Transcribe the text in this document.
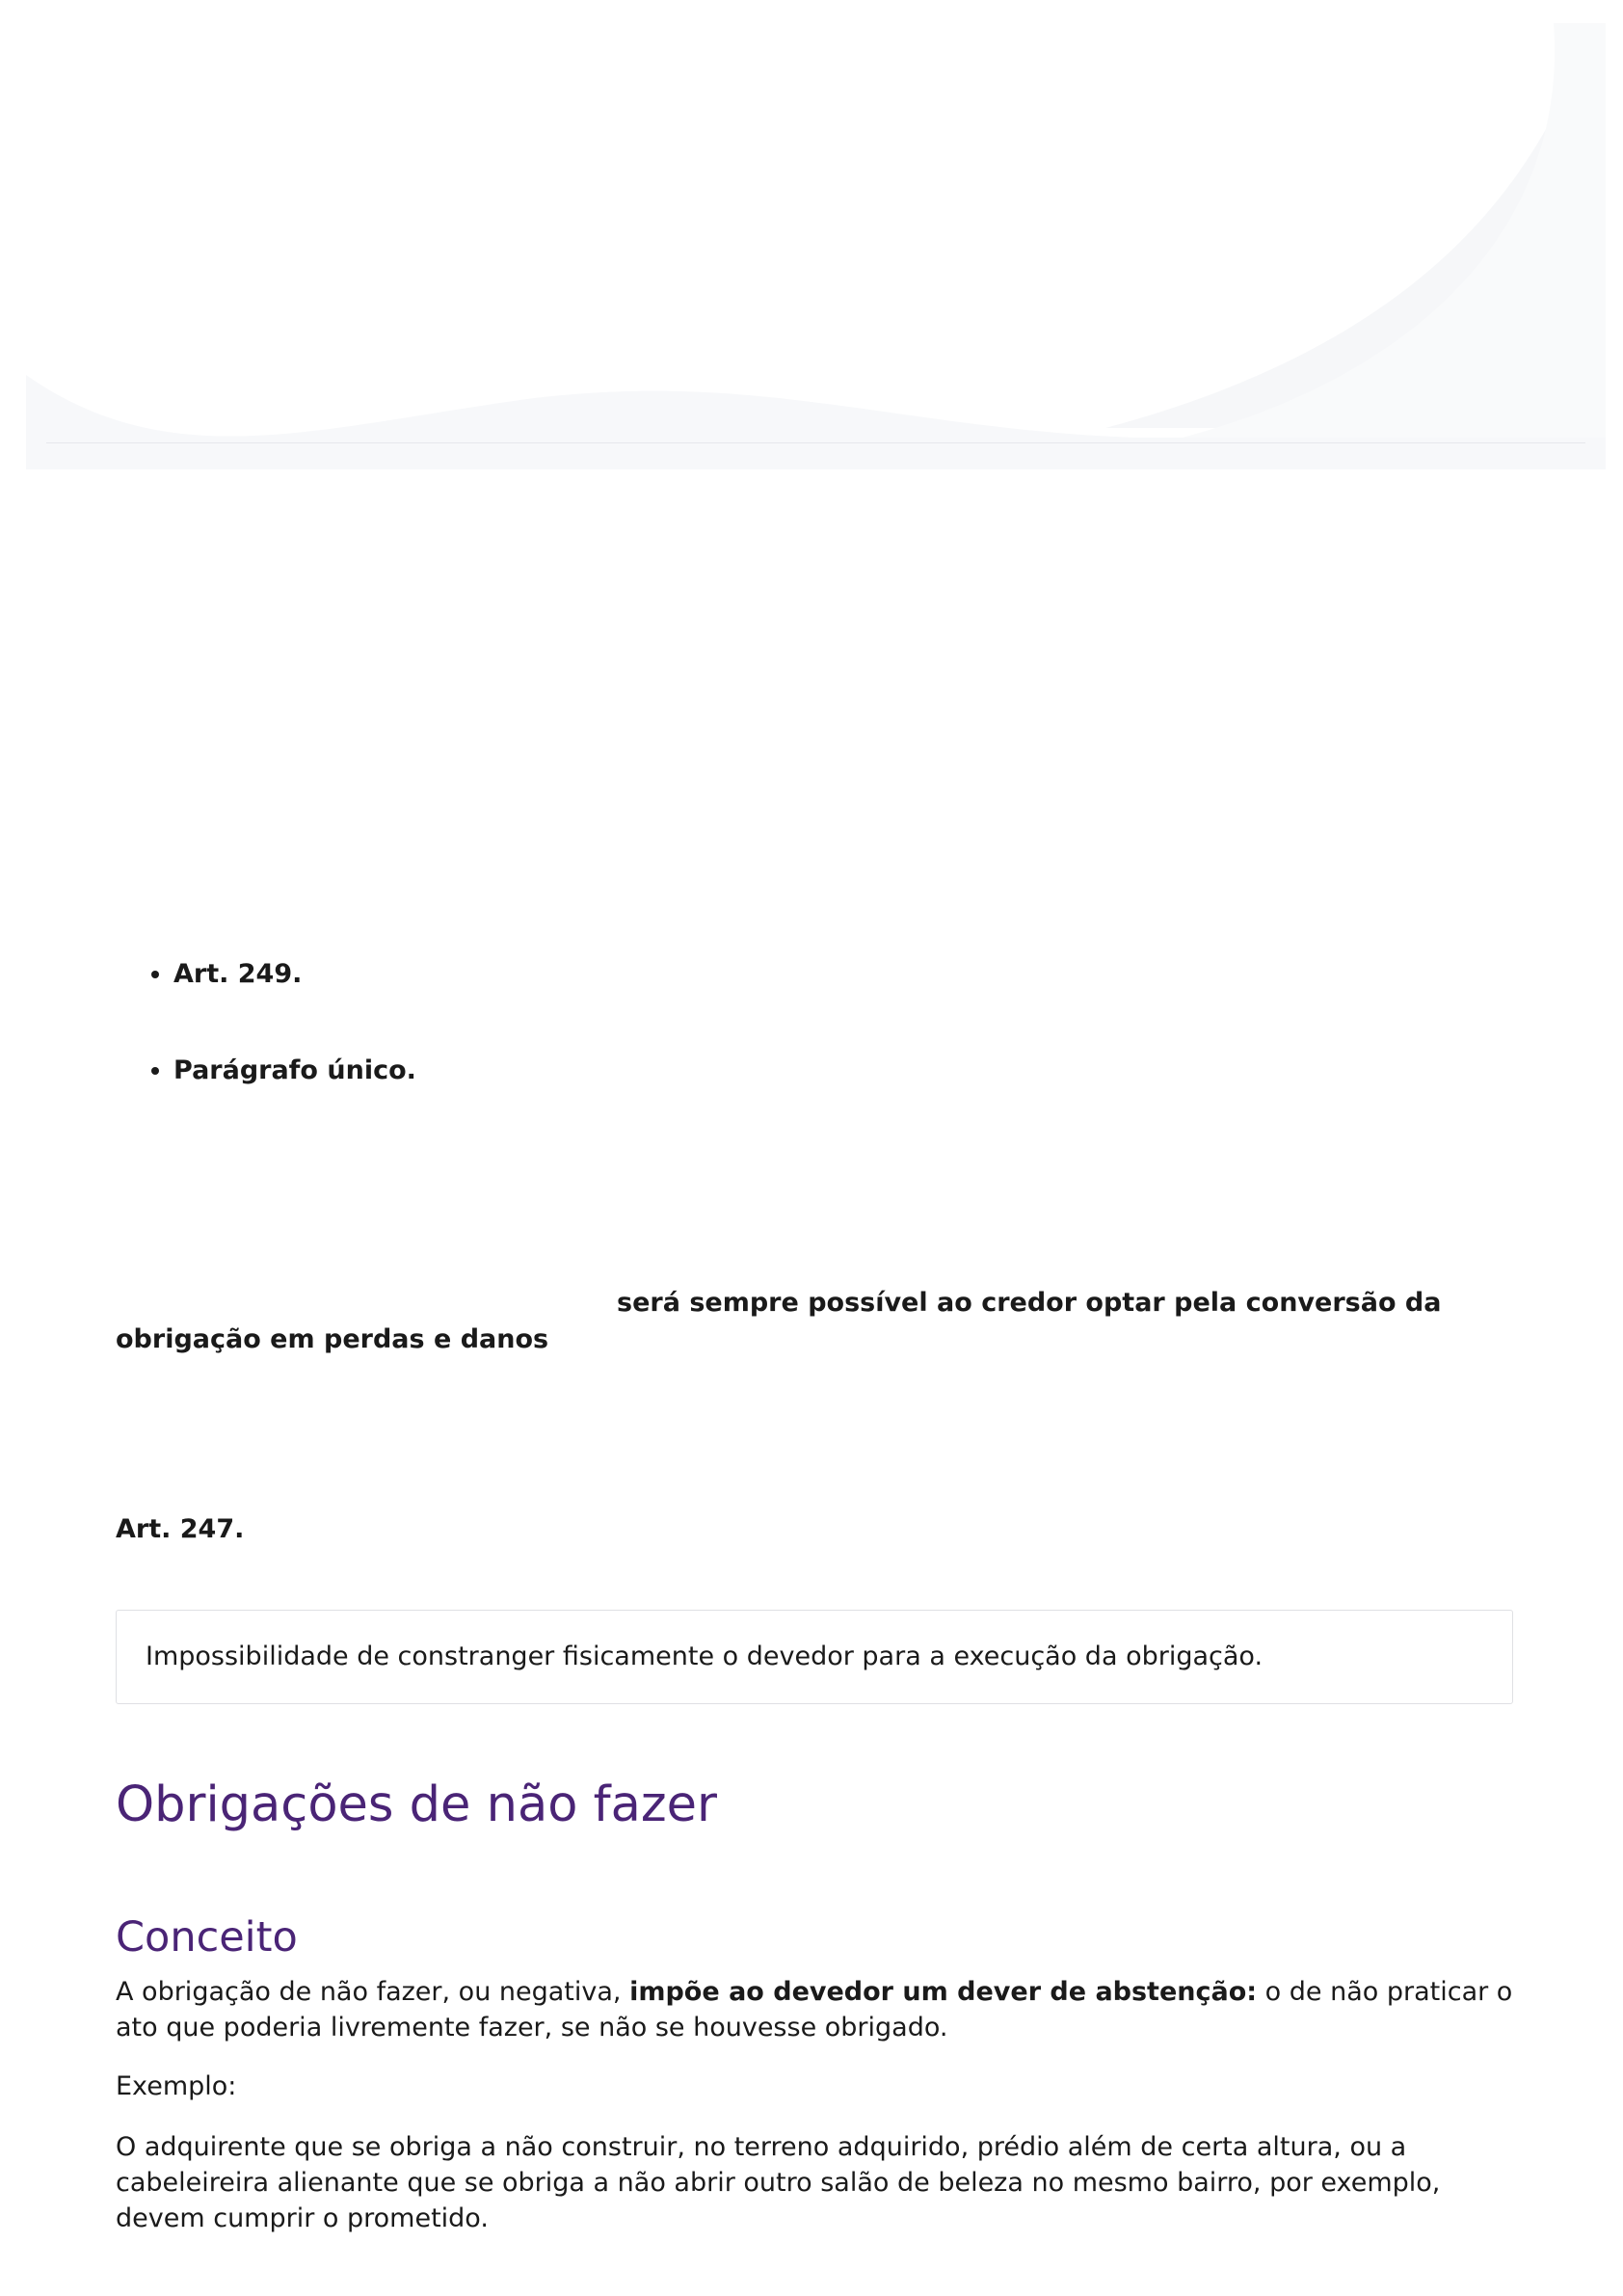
• Art. 249.
• Parágrafo único.

será sempre possível ao credor optar pela conversão da obrigação em perdas e danos

Art. 247.

Impossibilidade de constranger fisicamente o devedor para a execução da obrigação.
Obrigações de não fazer
Conceito

A obrigação de não fazer, ou negativa, impõe ao devedor um dever de abstenção: o de não praticar o ato que poderia livremente fazer, se não se houvesse obrigado.

Exemplo:

O adquirente que se obriga a não construir, no terreno adquirido, prédio além de certa altura, ou a cabeleireira alienante que se obriga a não abrir outro salão de beleza no mesmo bairro, por exemplo, devem cumprir o prometido.
